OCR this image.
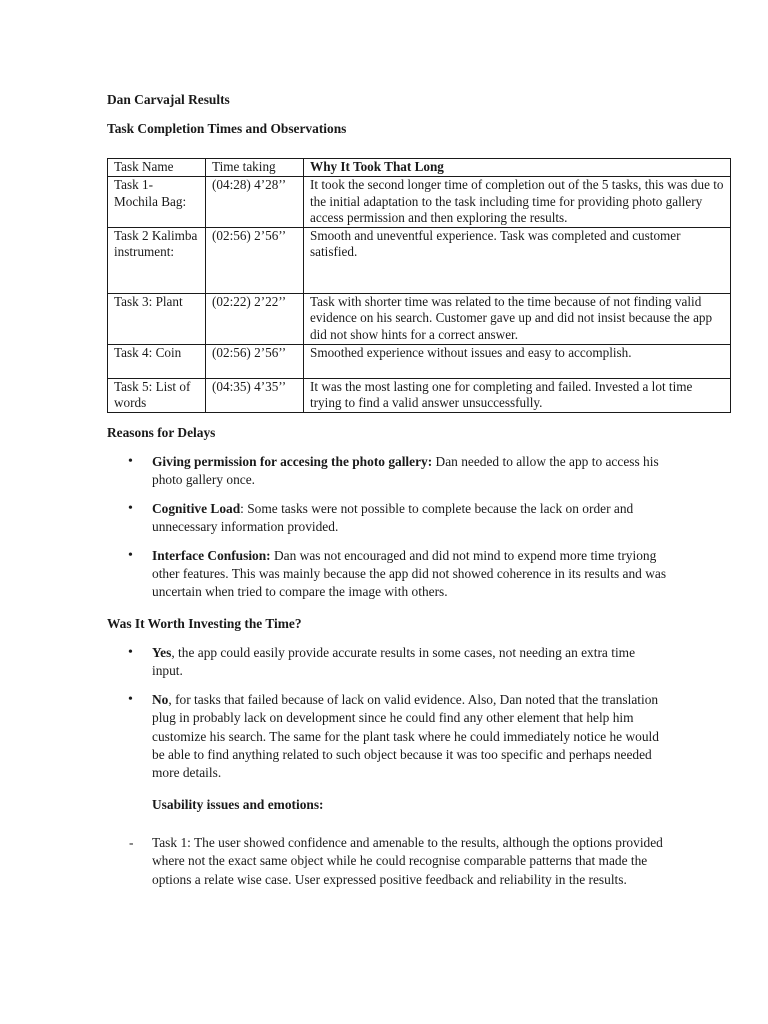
Dan Carvajal Results
Task Completion Times and Observations
Task Name	Time taking	Why It Took That Long
Task 1- Mochila Bag:	(04:28) 4’28’’	It took the second longer time of completion out of the 5 tasks, this was due to the initial adaptation to the task including time for providing photo gallery access permission and then exploring the results.
Task 2 Kalimba instrument:	(02:56) 2’56’’	Smooth and uneventful experience. Task was completed and customer satisfied.
Task 3: Plant	(02:22) 2’22’’	Task with shorter time was related to the time because of not finding valid evidence on his search. Customer gave up and did not insist because the app did not show hints for a correct answer.
Task 4: Coin	(02:56) 2’56’’	Smoothed experience without issues and easy to accomplish.
Task 5: List of words	(04:35) 4’35’’	It was the most lasting one for completing and failed. Invested a lot time trying to find a valid answer unsuccessfully.
Reasons for Delays
• Giving permission for accesing the photo gallery: Dan needed to allow the app to access his photo gallery once.
• Cognitive Load: Some tasks were not possible to complete because the lack on order and unnecessary information provided.
• Interface Confusion: Dan was not encouraged and did not mind to expend more time tryiong other features. This was mainly because the app did not showed coherence in its results and was uncertain when tried to compare the image with others.
Was It Worth Investing the Time?
• Yes, the app could easily provide accurate results in some cases, not needing an extra time input.
• No, for tasks that failed because of lack on valid evidence. Also, Dan noted that the translation plug in probably lack on development since he could find any other element that help him customize his search. The same for the plant task where he could immediately notice he would be able to find anything related to such object because it was too specific and perhaps needed more details.
Usability issues and emotions:
-	Task 1: The user showed confidence and amenable to the results, although the options provided where not the exact same object while he could recognise comparable patterns that made the options a relate wise case. User expressed positive feedback and reliability in the results.
